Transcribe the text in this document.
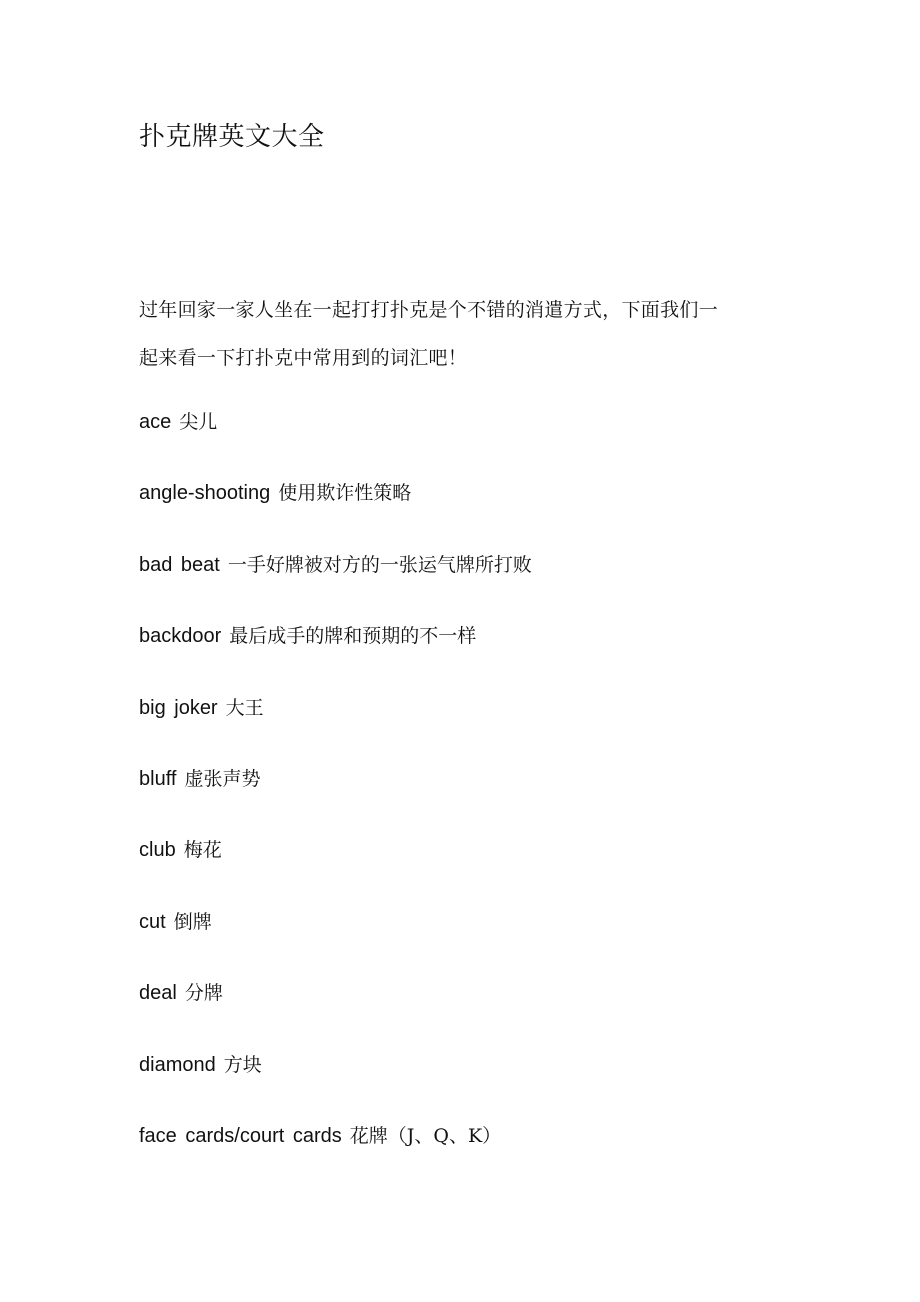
扑克牌英文大全

过年回家一家人坐在一起打打扑克是个不错的消遣方式，下面我们一
起来看一下打扑克中常用到的词汇吧！

ace 尖儿
angle-shooting 使用欺诈性策略
bad beat 一手好牌被对方的一张运气牌所打败
backdoor 最后成手的牌和预期的不一样
big joker 大王
bluff 虚张声势
club 梅花
cut 倒牌
deal 分牌
diamond 方块
face cards/court cards 花牌（J、Q、K）
